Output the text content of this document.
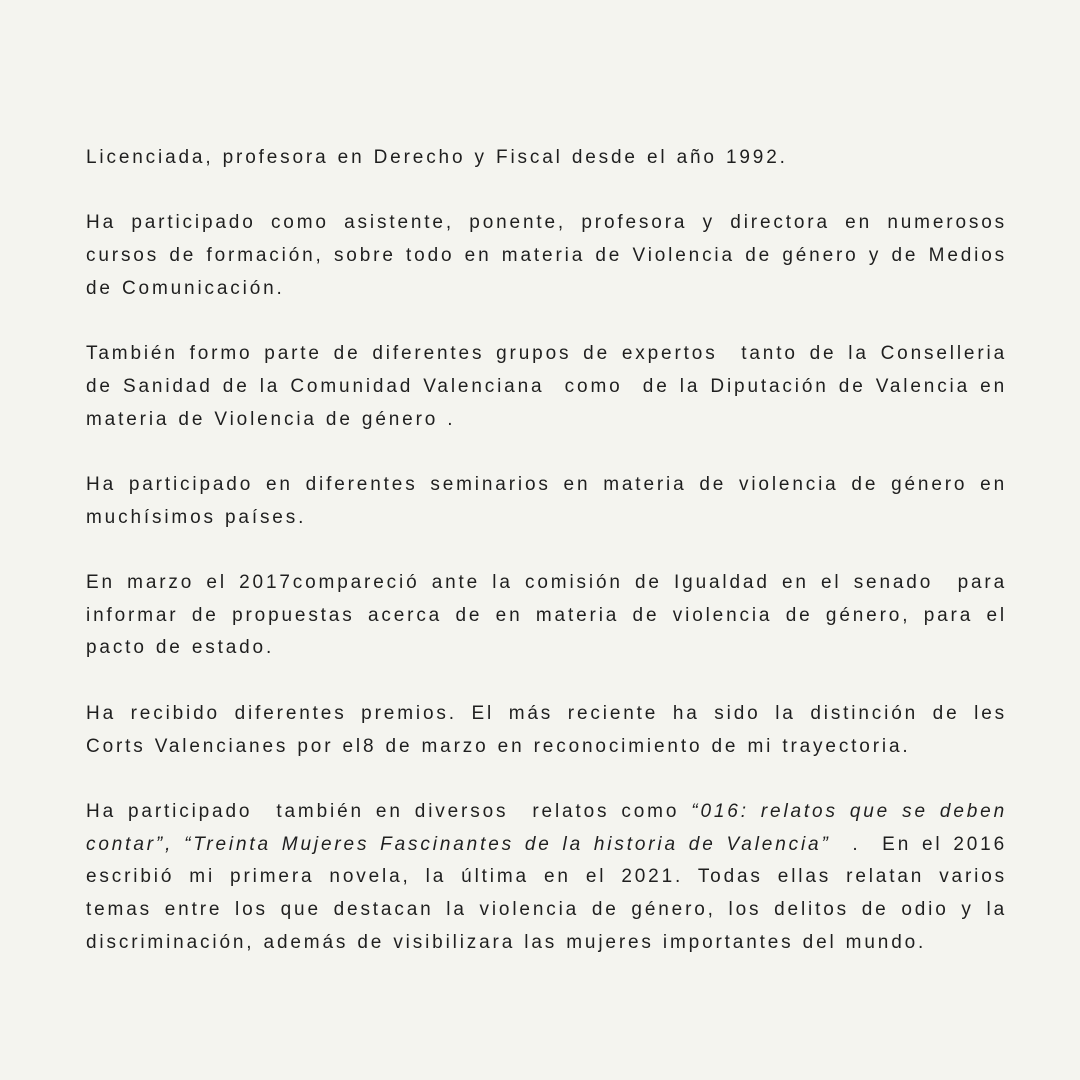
Licenciada, profesora en Derecho y Fiscal desde el año 1992.

Ha participado como asistente, ponente, profesora y directora en numerosos cursos de formación, sobre todo en materia de Violencia de género y de Medios de Comunicación.

También formo parte de diferentes grupos de expertos  tanto de la Conselleria de Sanidad de la Comunidad Valenciana  como  de la Diputación de Valencia en materia de Violencia de género .

Ha participado en diferentes seminarios en materia de violencia de género en muchísimos países.

En marzo el 2017compareció ante la comisión de Igualdad en el senado  para informar de propuestas acerca de en materia de violencia de género, para el pacto de estado.

Ha recibido diferentes premios. El más reciente ha sido la distinción de les Corts Valencianes por el8 de marzo en reconocimiento de mi trayectoria.

Ha participado  también en diversos  relatos como “016: relatos que se deben contar”, “Treinta Mujeres Fascinantes de la historia de Valencia”  .  En el 2016 escribió mi primera novela, la última en el 2021. Todas ellas relatan varios temas entre los que destacan la violencia de género, los delitos de odio y la discriminación, además de visibilizara las mujeres importantes del mundo.
